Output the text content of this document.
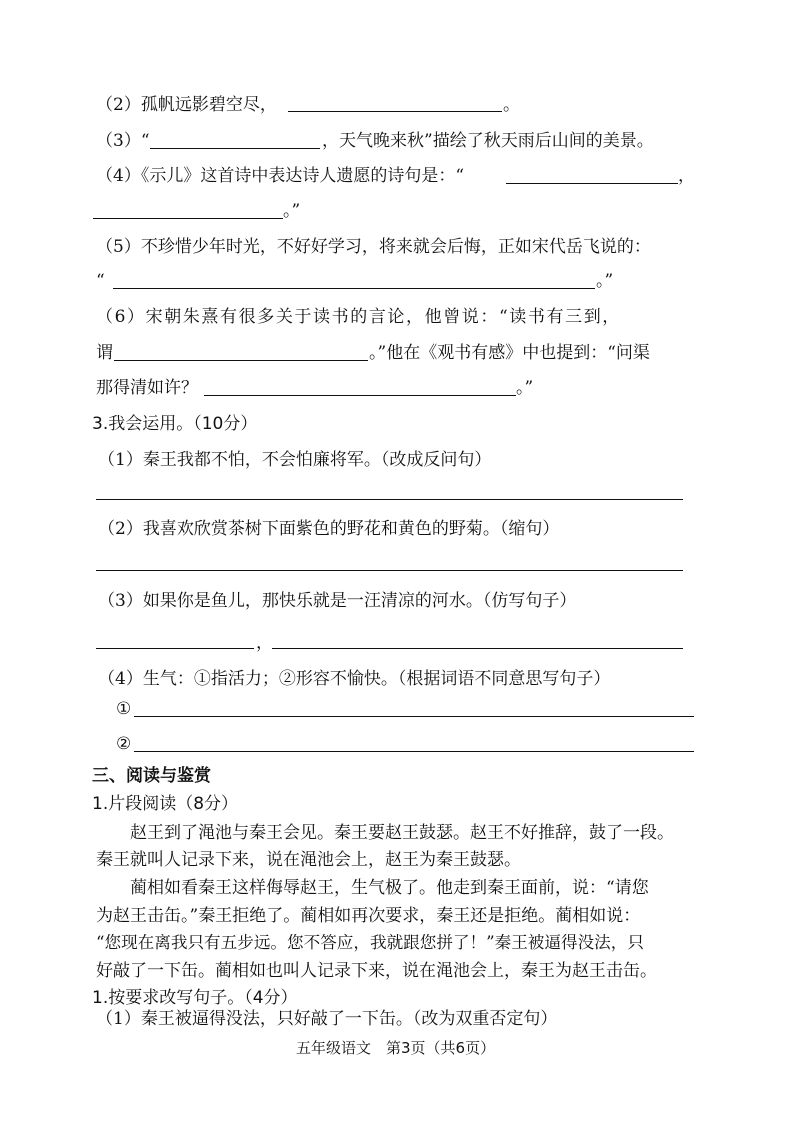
（2）孤帆远影碧空尽，	。
（3）“	，天气晚来秋”描绘了秋天雨后山间的美景。
（4）《示儿》这首诗中表达诗人遗愿的诗句是：“	，
。”
（5）不珍惜少年时光，不好好学习，将来就会后悔，正如宋代岳飞说的：
“	。”
（6）宋朝朱熹有很多关于读书的言论，他曾说：“读书有三到，
谓	。”他在《观书有感》中也提到：“问渠
那得清如许？	。”
3.我会运用。（10分）
（1）秦王我都不怕，不会怕廉将军。（改成反问句）
（2）我喜欢欣赏茶树下面紫色的野花和黄色的野菊。（缩句）
（3）如果你是鱼儿，那快乐就是一汪清凉的河水。（仿写句子）
，
（4）生气：①指活力；②形容不愉快。（根据词语不同意思写句子）
①
②
三、阅读与鉴赏
1.片段阅读（8分）
赵王到了渑池与秦王会见。秦王要赵王鼓瑟。赵王不好推辞，鼓了一段。
秦王就叫人记录下来，说在渑池会上，赵王为秦王鼓瑟。
蔺相如看秦王这样侮辱赵王，生气极了。他走到秦王面前，说：“请您
为赵王击缶。”秦王拒绝了。蔺相如再次要求，秦王还是拒绝。蔺相如说：
“您现在离我只有五步远。您不答应，我就跟您拼了！”秦王被逼得没法，只
好敲了一下缶。蔺相如也叫人记录下来，说在渑池会上，秦王为赵王击缶。
1.按要求改写句子。（4分）
（1）秦王被逼得没法，只好敲了一下缶。（改为双重否定句）
五年级语文　第3页（共6页）
